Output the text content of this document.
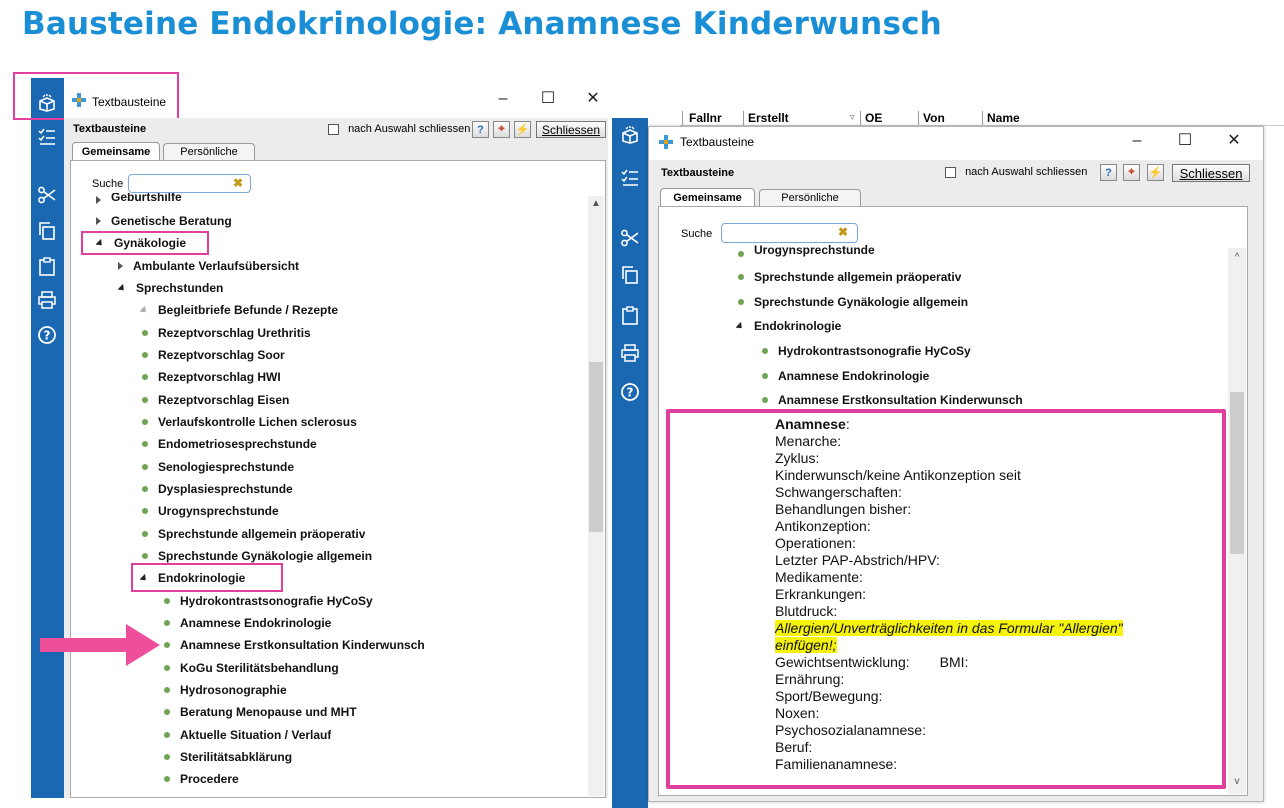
Bausteine Endokrinologie: Anamnese Kinderwunsch
?
Textbausteine	–	☐ ✕
Textbausteine	nach Auswahl schliessen ?	⌖	⚡	Schliessen
Gemeinsame	Persönliche
Suche	✖
Geburtshilfe
Genetische Beratung
Gynäkologie
Ambulante Verlaufsübersicht
Sprechstunden
Begleitbriefe Befunde / Rezepte
Rezeptvorschlag Urethritis
Rezeptvorschlag Soor
Rezeptvorschlag HWI
Rezeptvorschlag Eisen
Verlaufskontrolle Lichen sclerosus
Endometriosesprechstunde
Senologiesprechstunde
Dysplasiesprechstunde
Urogynsprechstunde
Sprechstunde allgemein präoperativ
Sprechstunde Gynäkologie allgemein
Endokrinologie
Hydrokontrastsonografie HyCoSy
Anamnese Endokrinologie
Anamnese Erstkonsultation Kinderwunsch
KoGu Sterilitätsbehandlung
Hydrosonographie
Beratung Menopause und MHT
Aktuelle Situation / Verlauf
Sterilitätsabklärung
Procedere
▲
Fallnr	Erstellt	▿ OE	Von	Name
?
Textbausteine	–	☐ ✕
Textbausteine	nach Auswahl schliessen	?	⌖	⚡	Schliessen
Gemeinsame	Persönliche
Suche	✖
Urogynsprechstunde
Sprechstunde allgemein präoperativ
Sprechstunde Gynäkologie allgemein
Endokrinologie
Hydrokontrastsonografie HyCoSy
Anamnese Endokrinologie
Anamnese Erstkonsultation Kinderwunsch
^
v
Anamnese:
Menarche:
Zyklus:
Kinderwunsch/keine Antikonzeption seit
Schwangerschaften:
Behandlungen bisher:
Antikonzeption:
Operationen:
Letzter PAP-Abstrich/HPV:
Medikamente:
Erkrankungen:
Blutdruck:
Allergien/Unverträglichkeiten in das Formular "Allergien"
einfügen!;
Gewichtsentwicklung: BMI:
Ernährung:
Sport/Bewegung:
Noxen:
Psychosozialanamnese:
Beruf:
Familienanamnese:
